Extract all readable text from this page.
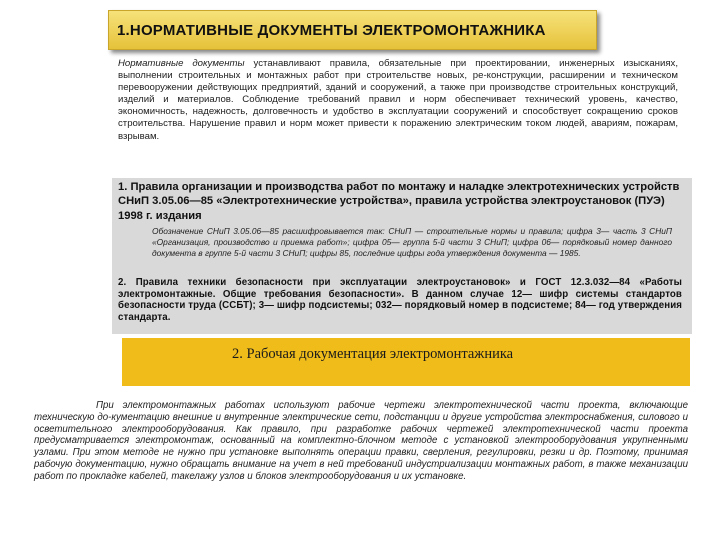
1.НОРМАТИВНЫЕ ДОКУМЕНТЫ ЭЛЕКТРОМОНТАЖНИКА
Нормативные документы устанавливают правила, обязательные при проектировании, инженерных изысканиях, выполнении строительных и монтажных работ при строительстве новых, ре-конструкции, расширении и техническом перевооружении действующих предприятий, зданий и сооружений, а также при производстве строительных конструкций, изделий и материалов. Соблюдение требований правил и норм обеспечивает технический уровень, качество, экономичность, надежность, долговечность и удобство в эксплуатации сооружений и способствует сокращению сроков строительства. Нарушение правил и норм может привести к поражению электрическим током людей, авариям, пожарам, взрывам.
1. Правила организации и производства работ по монтажу и наладке электротехнических устройств СНиП 3.05.06—85 «Электротехнические устройства», правила устройства электроустановок (ПУЭ) 1998 г. издания
Обозначение СНиП 3.05.06—85 расшифровывается так: СНиП — строительные нормы и правила; цифра 3— часть 3 СНиП «Организация, производство и приемка работ»; цифра 05— группа 5-й части 3 СНиП; цифра 06— порядковый номер данного документа в группе 5-й части 3 СНиП; цифры 85, последние цифры года утверждения документа — 1985.
2. Правила техники безопасности при эксплуатации электроустановок» и ГОСТ 12.3.032—84 «Работы электромонтажные. Общие требования безопасности». В данном случае 12— шифр системы стандартов безопасности труда (ССБТ); 3— шифр подсистемы; 032— порядковый номер в подсистеме; 84— год утверждения стандарта.
2. Рабочая документация электромонтажника
При электромонтажных работах используют рабочие чертежи электротехнической части проекта, включающие техническую до-кументацию внешние и внутренние электрические сети, подстанции и другие устройства электроснабжения, силового и осветительного электрооборудования. Как правило, при разработке рабочих чертежей электротехнической части проекта предусматривается электромонтаж, основанный на комплектно-блочном методе с установкой электрооборудования укрупненными узлами. При этом методе не нужно при установке выполнять операции правки, сверления, регулировки, резки и др. Поэтому, принимая рабочую документацию, нужно обращать внимание на учет в ней требований индустриализации монтажных работ, в также механизации работ по прокладке кабелей, такелажу узлов и блоков электрооборудования и их установке.
